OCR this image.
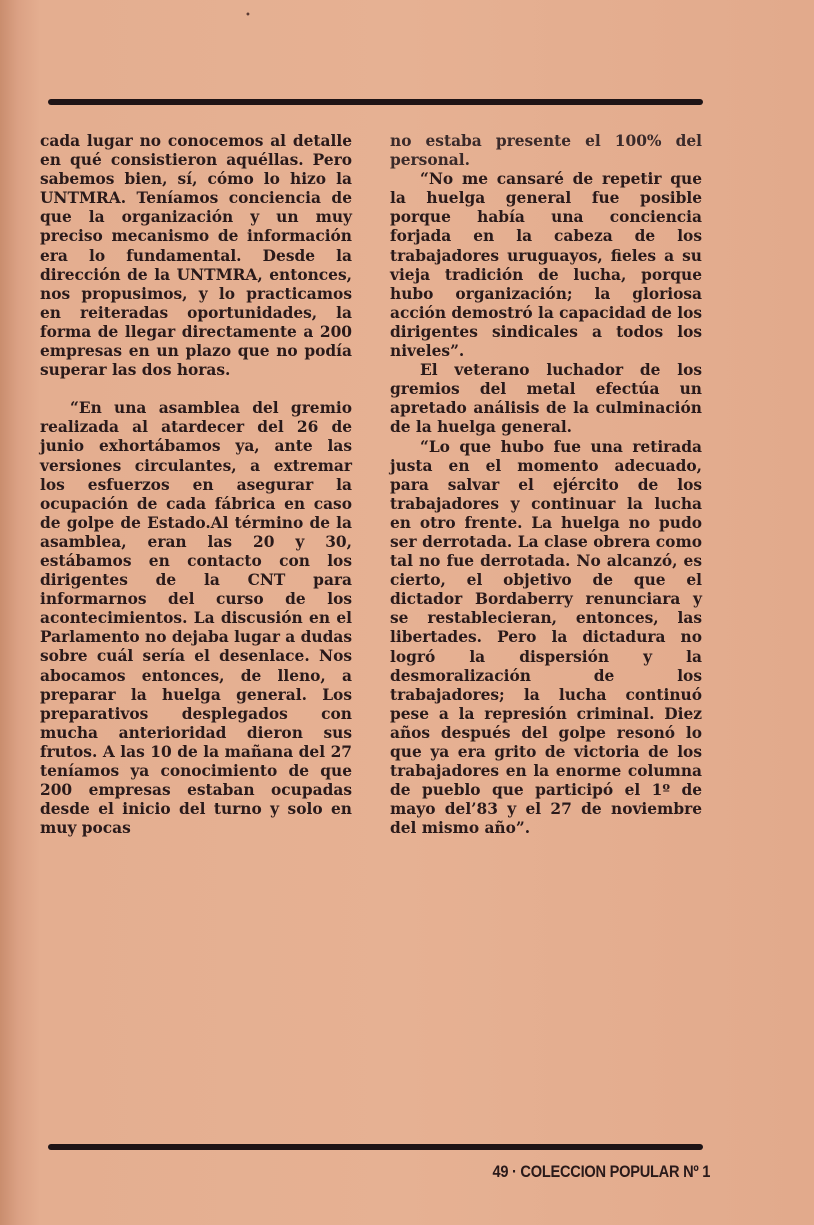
•

cada lugar no conocemos al detalle en qué consistieron aquéllas. Pero sabemos bien, sí, cómo lo hizo la UNTMRA. Teníamos conciencia de que la organización y un muy preciso mecanismo de información era lo fundamental. Desde la dirección de la UNTMRA, entonces, nos propusimos, y lo practicamos en reiteradas oportunidades, la forma de llegar directamente a 200 empresas en un plazo que no podía superar las dos horas.

“En una asamblea del gremio realizada al atardecer del 26 de junio exhortábamos ya, ante las versiones circulantes, a extremar los esfuerzos en asegurar la ocupación de cada fábrica en caso de golpe de Estado.Al término de la asamblea, eran las 20 y 30, estábamos en contacto con los dirigentes de la CNT para informarnos del curso de los acontecimientos. La discusión en el Parlamento no dejaba lugar a dudas sobre cuál sería el desenlace. Nos abocamos entonces, de lleno, a preparar la huelga general. Los preparativos desplegados con mucha anterioridad dieron sus frutos. A las 10 de la mañana del 27 teníamos ya conocimiento de que 200 empresas estaban ocupadas desde el inicio del turno y solo en muy pocas

no estaba presente el 100% del personal.

“No me cansaré de repetir que la huelga general fue posible porque había una conciencia forjada en la cabeza de los trabajadores uruguayos, fieles a su vieja tradición de lucha, porque hubo organización; la gloriosa acción demostró la capacidad de los dirigentes sindicales a todos los niveles”.

El veterano luchador de los gremios del metal efectúa un apretado análisis de la culminación de la huelga general.

“Lo que hubo fue una retirada justa en el momento adecuado, para salvar el ejército de los trabajadores y continuar la lucha en otro frente. La huelga no pudo ser derrotada. La clase obrera como tal no fue derrotada. No alcanzó, es cierto, el objetivo de que el dictador Bordaberry renunciara y se restablecieran, entonces, las libertades. Pero la dictadura no logró la dispersión y la desmoralización de los trabajadores; la lucha continuó pese a la represión criminal. Diez años después del golpe resonó lo que ya era grito de victoria de los trabajadores en la enorme columna de pueblo que participó el 1º de mayo del’83 y el 27 de noviembre del mismo año”.

49 · COLECCION POPULAR Nº 1
